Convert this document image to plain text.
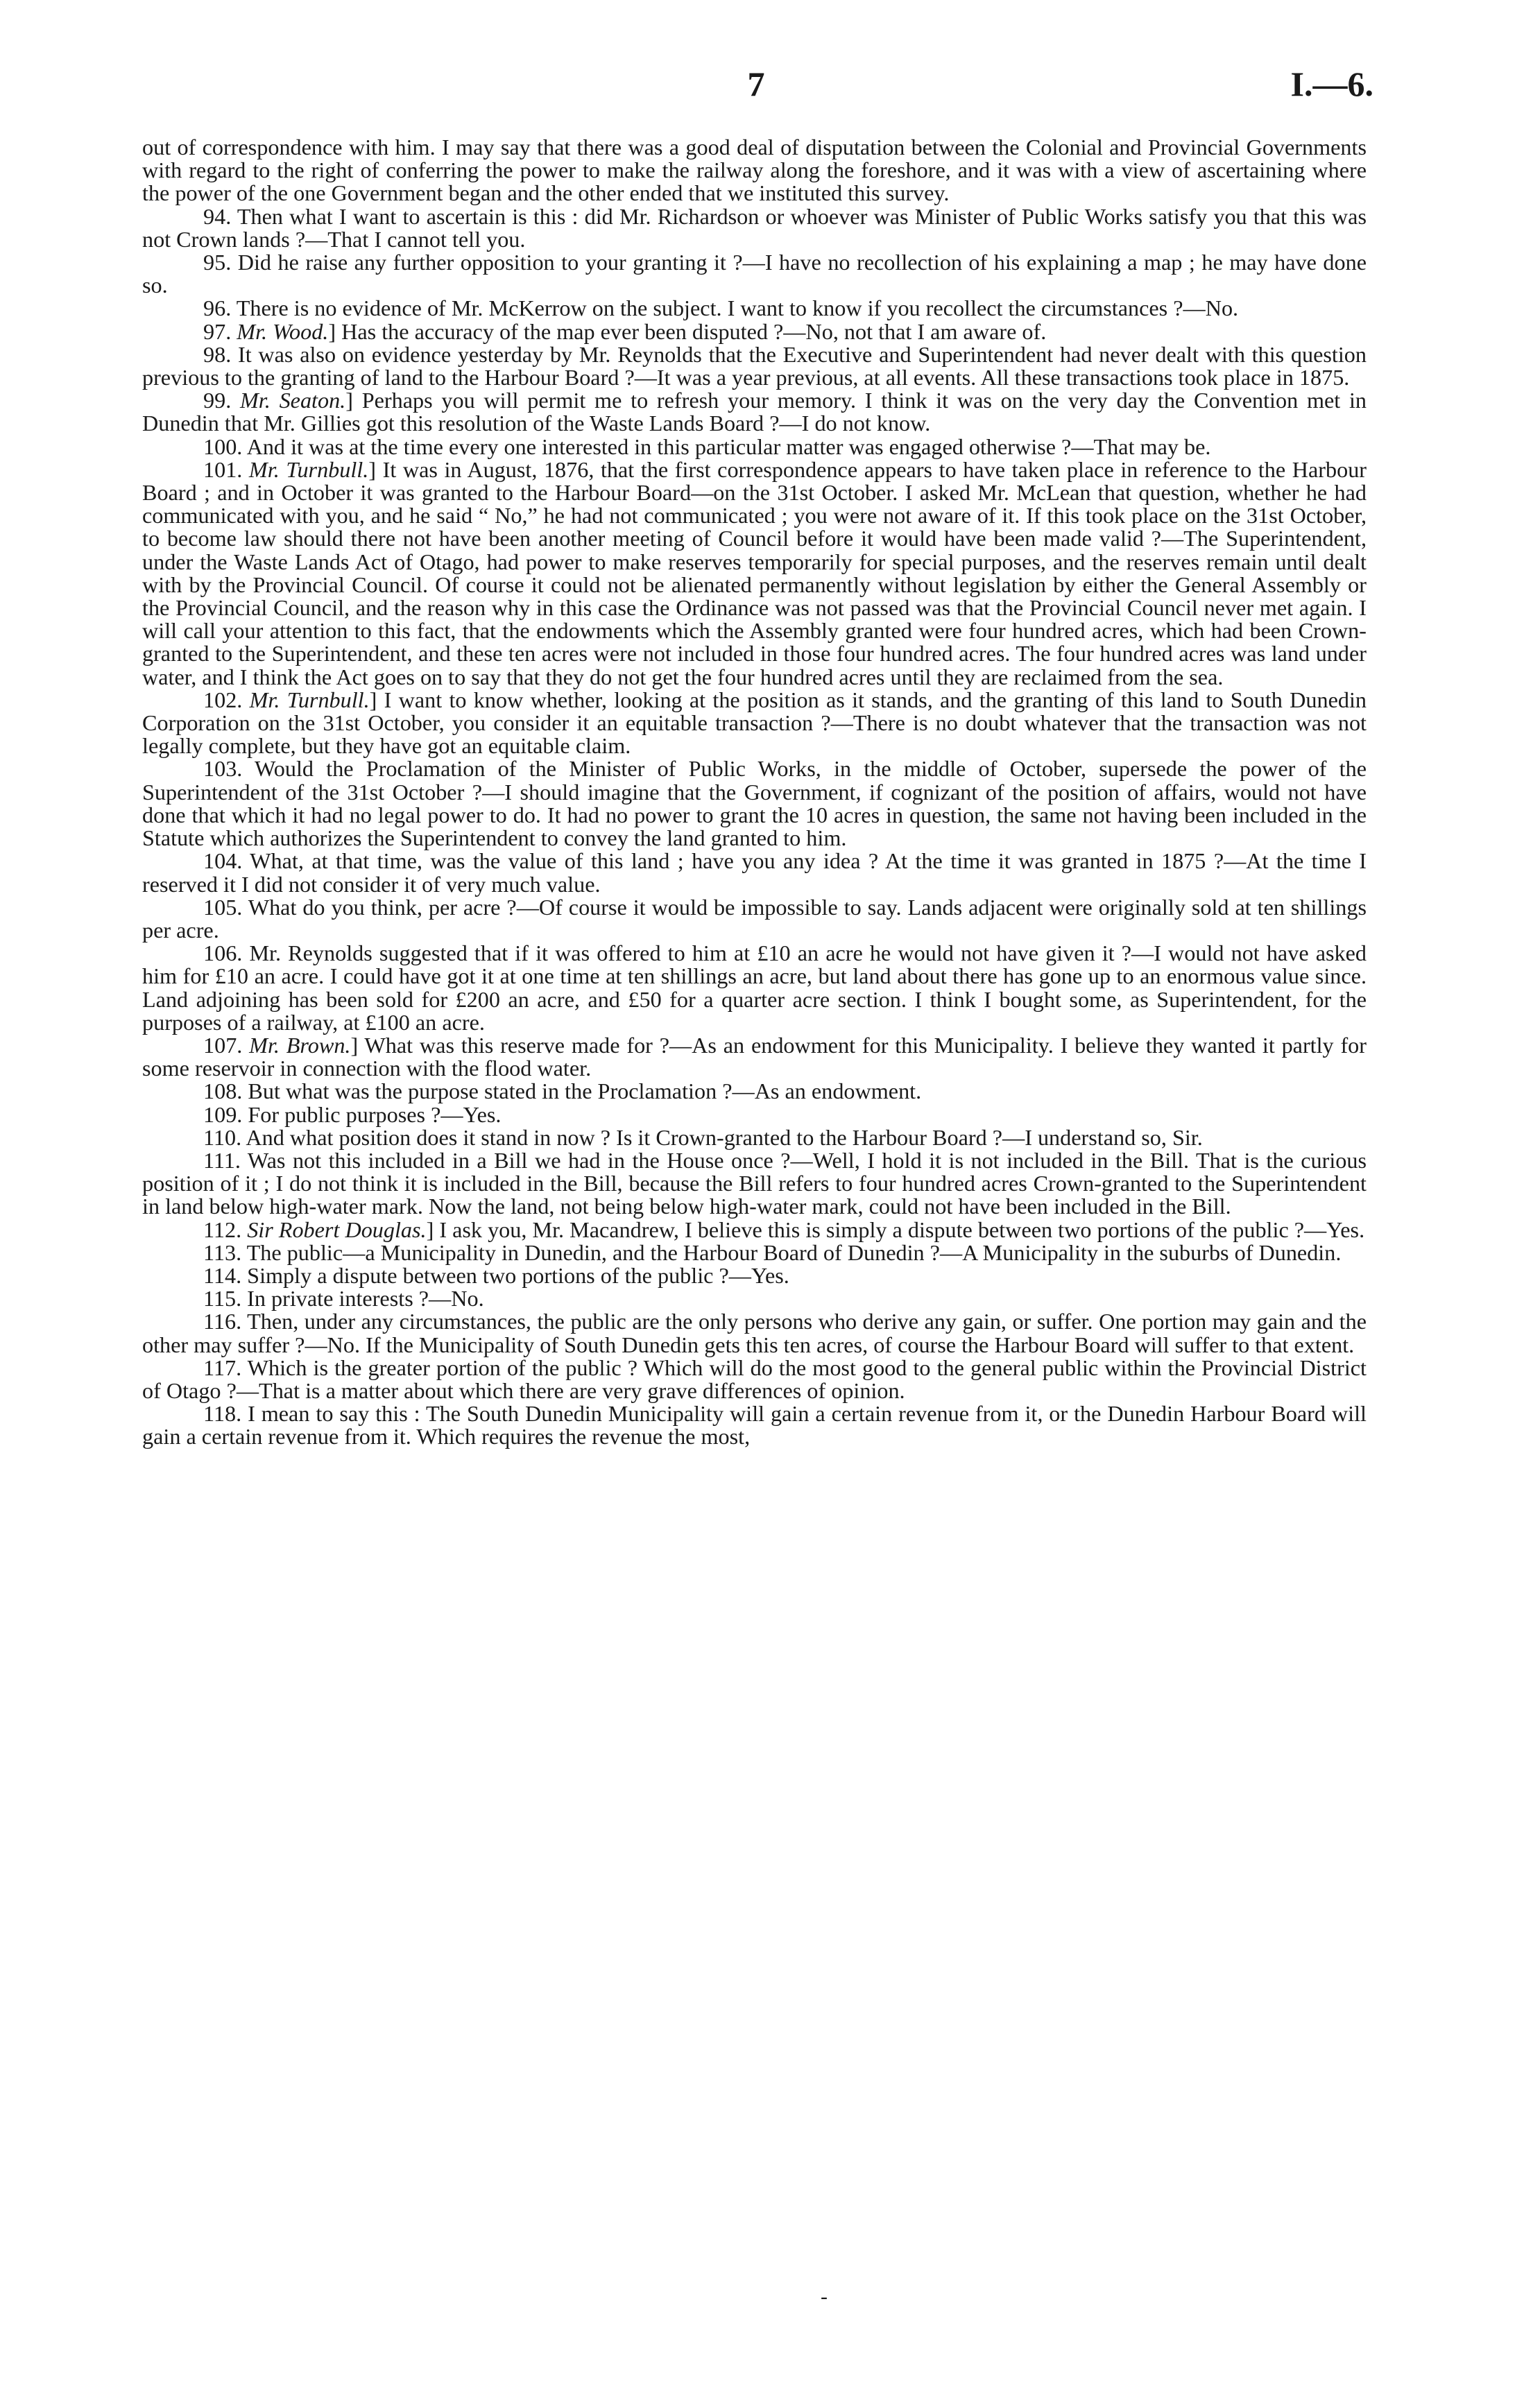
7	I.—6.

out of correspondence with him. I may say that there was a good deal of disputation between the Colonial and Provincial Governments with regard to the right of conferring the power to make the railway along the foreshore, and it was with a view of ascertaining where the power of the one Government began and the other ended that we instituted this survey.

94. Then what I want to ascertain is this : did Mr. Richardson or whoever was Minister of Public Works satisfy you that this was not Crown lands ?—That I cannot tell you.

95. Did he raise any further opposition to your granting it ?—I have no recollection of his explaining a map ; he may have done so.

96. There is no evidence of Mr. McKerrow on the subject. I want to know if you recollect the circumstances ?—No.

97. Mr. Wood.] Has the accuracy of the map ever been disputed ?—No, not that I am aware of.

98. It was also on evidence yesterday by Mr. Reynolds that the Executive and Superintendent had never dealt with this question previous to the granting of land to the Harbour Board ?—It was a year previous, at all events. All these transactions took place in 1875.

99. Mr. Seaton.] Perhaps you will permit me to refresh your memory. I think it was on the very day the Convention met in Dunedin that Mr. Gillies got this resolution of the Waste Lands Board ?—I do not know.

100. And it was at the time every one interested in this particular matter was engaged otherwise ?—That may be.

101. Mr. Turnbull.] It was in August, 1876, that the first correspondence appears to have taken place in reference to the Harbour Board ; and in October it was granted to the Harbour Board—on the 31st October. I asked Mr. McLean that question, whether he had communicated with you, and he said “ No,” he had not communicated ; you were not aware of it. If this took place on the 31st October, to become law should there not have been another meeting of Council before it would have been made valid ?—The Superintendent, under the Waste Lands Act of Otago, had power to make reserves temporarily for special purposes, and the reserves remain until dealt with by the Provincial Council. Of course it could not be alienated permanently without legislation by either the General Assembly or the Provincial Council, and the reason why in this case the Ordinance was not passed was that the Provincial Council never met again. I will call your attention to this fact, that the endowments which the Assembly granted were four hundred acres, which had been Crown-granted to the Superintendent, and these ten acres were not included in those four hundred acres. The four hundred acres was land under water, and I think the Act goes on to say that they do not get the four hundred acres until they are reclaimed from the sea.

102. Mr. Turnbull.] I want to know whether, looking at the position as it stands, and the granting of this land to South Dunedin Corporation on the 31st October, you consider it an equitable transaction ?—There is no doubt whatever that the transaction was not legally complete, but they have got an equitable claim.

103. Would the Proclamation of the Minister of Public Works, in the middle of October, supersede the power of the Superintendent of the 31st October ?—I should imagine that the Government, if cognizant of the position of affairs, would not have done that which it had no legal power to do. It had no power to grant the 10 acres in question, the same not having been included in the Statute which authorizes the Superintendent to convey the land granted to him.

104. What, at that time, was the value of this land ; have you any idea ? At the time it was granted in 1875 ?—At the time I reserved it I did not consider it of very much value.

105. What do you think, per acre ?—Of course it would be impossible to say. Lands adjacent were originally sold at ten shillings per acre.

106. Mr. Reynolds suggested that if it was offered to him at £10 an acre he would not have given it ?—I would not have asked him for £10 an acre. I could have got it at one time at ten shillings an acre, but land about there has gone up to an enormous value since. Land adjoining has been sold for £200 an acre, and £50 for a quarter acre section. I think I bought some, as Superintendent, for the purposes of a railway, at £100 an acre.

107. Mr. Brown.] What was this reserve made for ?—As an endowment for this Municipality. I believe they wanted it partly for some reservoir in connection with the flood water.

108. But what was the purpose stated in the Proclamation ?—As an endowment.

109. For public purposes ?—Yes.

110. And what position does it stand in now ? Is it Crown-granted to the Harbour Board ?—I understand so, Sir.

111. Was not this included in a Bill we had in the House once ?—Well, I hold it is not included in the Bill. That is the curious position of it ; I do not think it is included in the Bill, because the Bill refers to four hundred acres Crown-granted to the Superintendent in land below high-water mark. Now the land, not being below high-water mark, could not have been included in the Bill.

112. Sir Robert Douglas.] I ask you, Mr. Macandrew, I believe this is simply a dispute between two portions of the public ?—Yes.

113. The public—a Municipality in Dunedin, and the Harbour Board of Dunedin ?—A Municipality in the suburbs of Dunedin.

114. Simply a dispute between two portions of the public ?—Yes.

115. In private interests ?—No.

116. Then, under any circumstances, the public are the only persons who derive any gain, or suffer. One portion may gain and the other may suffer ?—No. If the Municipality of South Dunedin gets this ten acres, of course the Harbour Board will suffer to that extent.

117. Which is the greater portion of the public ? Which will do the most good to the general public within the Provincial District of Otago ?—That is a matter about which there are very grave differences of opinion.

118. I mean to say this : The South Dunedin Municipality will gain a certain revenue from it, or the Dunedin Harbour Board will gain a certain revenue from it. Which requires the revenue the most,

-
